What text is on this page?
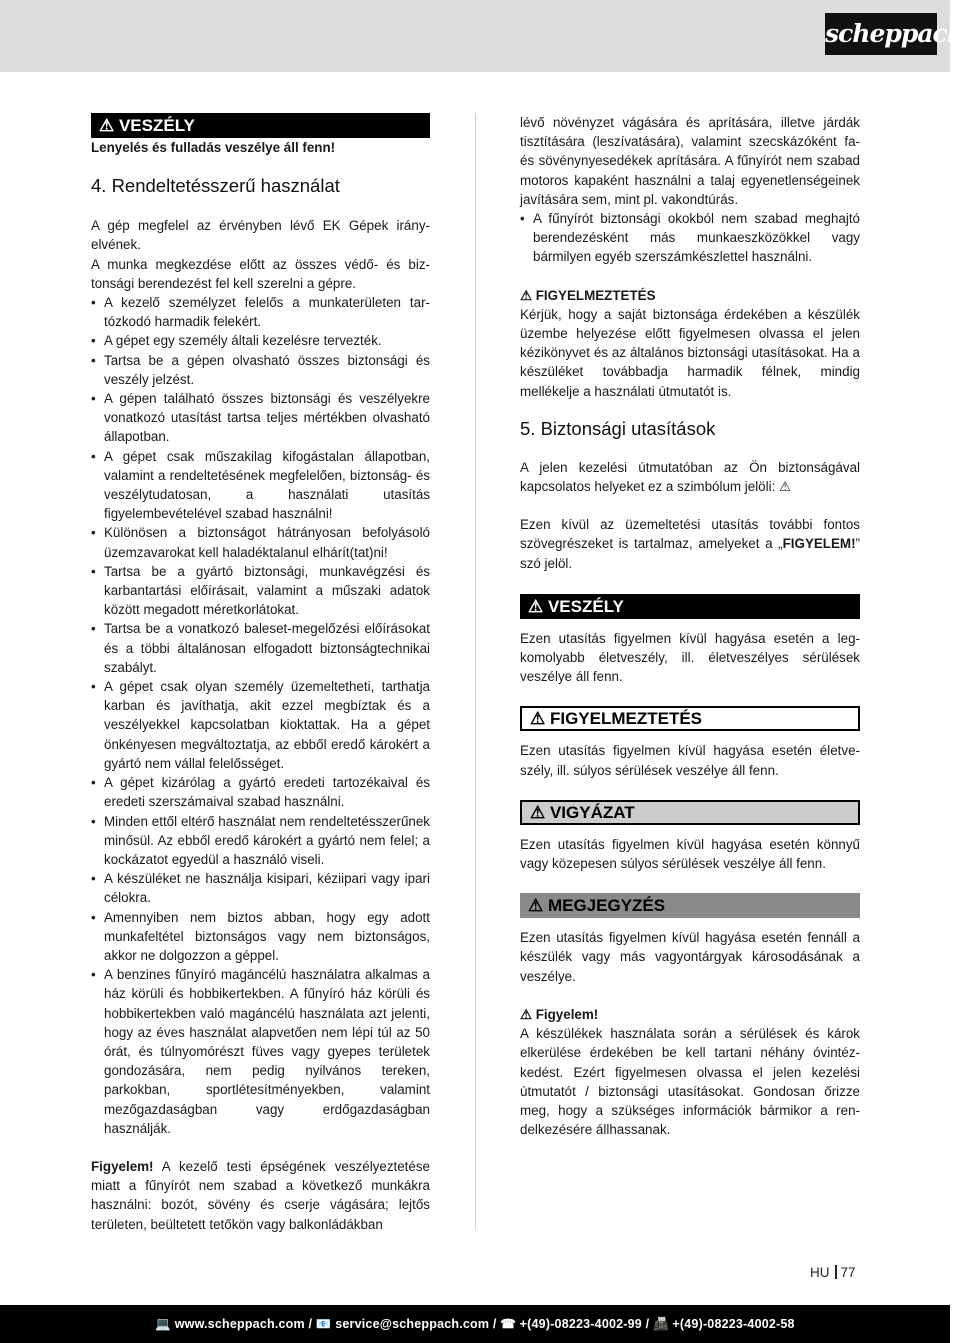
scheppach
⚠ VESZÉLY

Lenyelés és fulladás veszélye áll fenn!

4. Rendeltetésszerű használat

A gép megfelel az érvényben lévő EK Gépek irányelvének.

A munka megkezdése előtt az összes védő- és biztonsági berendezést fel kell szerelni a gépre.

• A kezelő személyzet felelős a munkaterületen tartózkodó harmadik felekért.
• A gépet egy személy általi kezelésre tervezték.
• Tartsa be a gépen olvasható összes biztonsági és veszély jelzést.
• A gépen található összes biztonsági és veszélyekre vonatkozó utasítást tartsa teljes mértékben olvasható állapotban.
• A gépet csak műszakilag kifogástalan állapotban, valamint a rendeltetésének megfelelően, biztonság- és veszélytudatosan, a használati utasítás figyelembevételével szabad használni!
• Különösen a biztonságot hátrányosan befolyásoló üzemzavarokat kell haladéktalanul elhárít(tat)ni!
• Tartsa be a gyártó biztonsági, munkavégzési és karbantartási előírásait, valamint a műszaki adatok között megadott méretkorlátokat.
• Tartsa be a vonatkozó baleset-megelőzési előírásokat és a többi általánosan elfogadott biztonságtechnikai szabályt.
• A gépet csak olyan személy üzemeltetheti, tarthatja karban és javíthatja, akit ezzel megbíztak és a veszélyekkel kapcsolatban kioktattak. Ha a gépet önkényesen megváltoztatja, az ebből eredő károkért a gyártó nem vállal felelősséget.
• A gépet kizárólag a gyártó eredeti tartozékaival és eredeti szerszámaival szabad használni.
• Minden ettől eltérő használat nem rendeltetésszerűnek minősül. Az ebből eredő károkért a gyártó nem felel; a kockázatot egyedül a használó viseli.
• A készüléket ne használja kisipari, kéziipari vagy ipari célokra.
• Amennyiben nem biztos abban, hogy egy adott munkafeltétel biztonságos vagy nem biztonságos, akkor ne dolgozzon a géppel.
• A benzines fűnyíró magáncélú használatra alkalmas a ház körüli és hobbikertekben. A fűnyíró ház körüli és hobbikertekben való magáncélú használata azt jelenti, hogy az éves használat alapvetően nem lépi túl az 50 órát, és túlnyomórészt füves vagy gyepes területek gondozására, nem pedig nyilvános tereken, parkokban, sportlétesítményekben, valamint mezőgazdaságban vagy erdőgazdaságban használják.

Figyelem! A kezelő testi épségének veszélyeztetése miatt a fűnyírót nem szabad a következő munkákra használni: bozót, sövény és cserje vágására; lejtős területen, beültetett tetőkön vagy balkonládákban

lévő növényzet vágására és aprítására, illetve járdák tisztítására (leszívatására), valamint szecskázóként fa- és sövénynyesedékek aprítására. A fűnyírót nem szabad motoros kapaként használni a talaj egyenetlenségeinek javítására sem, mint pl. vakondtúrás.

• A fűnyírót biztonsági okokból nem szabad meghajtó berendezésként más munkaeszközökkel vagy bármilyen egyéb szerszámkészlettel használni.

⚠ FIGYELMEZTETÉS

Kérjük, hogy a saját biztonsága érdekében a készülék üzembe helyezése előtt figyelmesen olvassa el jelen kézikönyvet és az általános biztonsági utasításokat. Ha a készüléket továbbadja harmadik félnek, mindig mellékelje a használati útmutatót is.

5. Biztonsági utasítások

A jelen kezelési útmutatóban az Ön biztonságával kapcsolatos helyeket ez a szimbólum jelöli: ⚠

Ezen kívül az üzemeltetési utasítás további fontos szövegrészeket is tartalmaz, amelyeket a „FIGYELEM!” szó jelöl.

⚠ VESZÉLY

Ezen utasítás figyelmen kívül hagyása esetén a legkomolyabb életveszély, ill. életveszélyes sérülések veszélye áll fenn.

⚠ FIGYELMEZTETÉS

Ezen utasítás figyelmen kívül hagyása esetén életveszély, ill. súlyos sérülések veszélye áll fenn.

⚠ VIGYÁZAT

Ezen utasítás figyelmen kívül hagyása esetén könnyű vagy közepesen súlyos sérülések veszélye áll fenn.

⚠ MEGJEGYZÉS

Ezen utasítás figyelmen kívül hagyása esetén fennáll a készülék vagy más vagyontárgyak károsodásának a veszélye.

⚠ Figyelem!

A készülékek használata során a sérülések és károk elkerülése érdekében be kell tartani néhány óvintézkedést. Ezért figyelmesen olvassa el jelen kezelési útmutatót / biztonsági utasításokat. Gondosan őrizze meg, hogy a szükséges információk bármikor a rendelkezésére állhassanak.

HU 77
💻 www.scheppach.com / 📧 service@scheppach.com / ☎ +(49)-08223-4002-99 / 📠 +(49)-08223-4002-58
